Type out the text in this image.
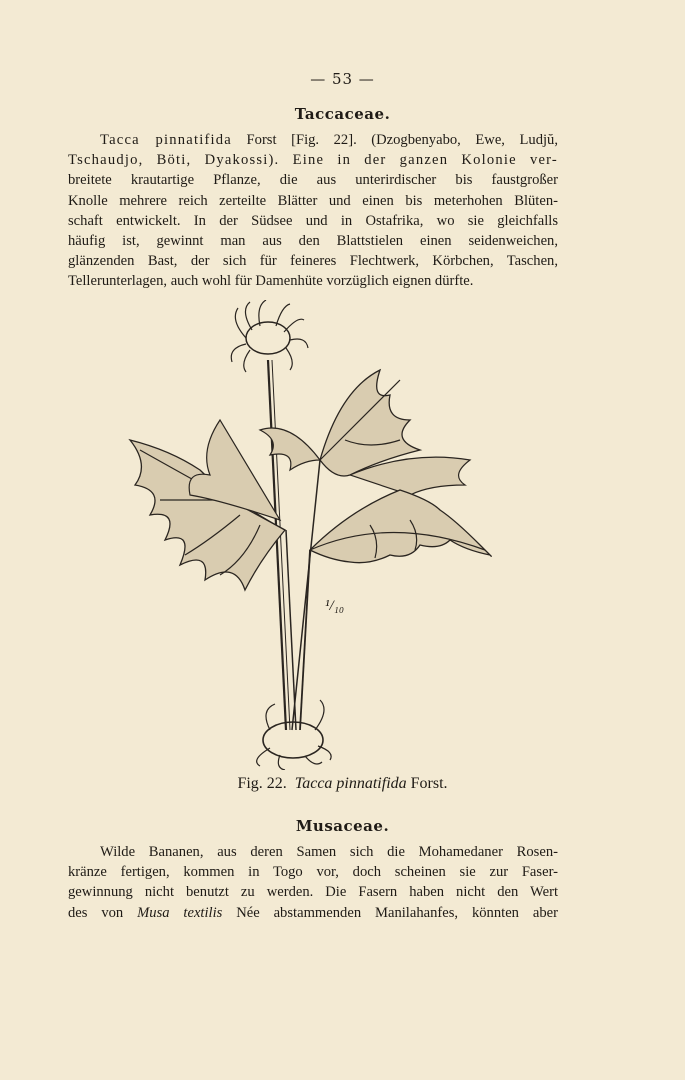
— 53 —
Taccaceae.
Tacca pinnatifida Forst [Fig. 22]. (Dzogbenyabo, Ewe, Ludjŭ,
Tschaudjo, Böti, Dyakossi). Eine in der ganzen Kolonie ver-
breitete krautartige Pflanze, die aus unterirdischer bis faustgroßer
Knolle mehrere reich zerteilte Blätter und einen bis meterhohen Blüten-
schaft entwickelt. In der Südsee und in Ostafrika, wo sie gleichfalls
häufig ist, gewinnt man aus den Blattstielen einen seidenweichen,
glänzenden Bast, der sich für feineres Flechtwerk, Körbchen, Taschen,
Tellerunterlagen, auch wohl für Damenhüte vorzüglich eignen dürfte.
¹/₁₀
Fig. 22. Tacca pinnatifida Forst.
Musaceae.
Wilde Bananen, aus deren Samen sich die Mohamedaner Rosen-
kränze fertigen, kommen in Togo vor, doch scheinen sie zur Faser-
gewinnung nicht benutzt zu werden. Die Fasern haben nicht den Wert
des von Musa textilis Née abstammenden Manilahanfes, könnten aber
